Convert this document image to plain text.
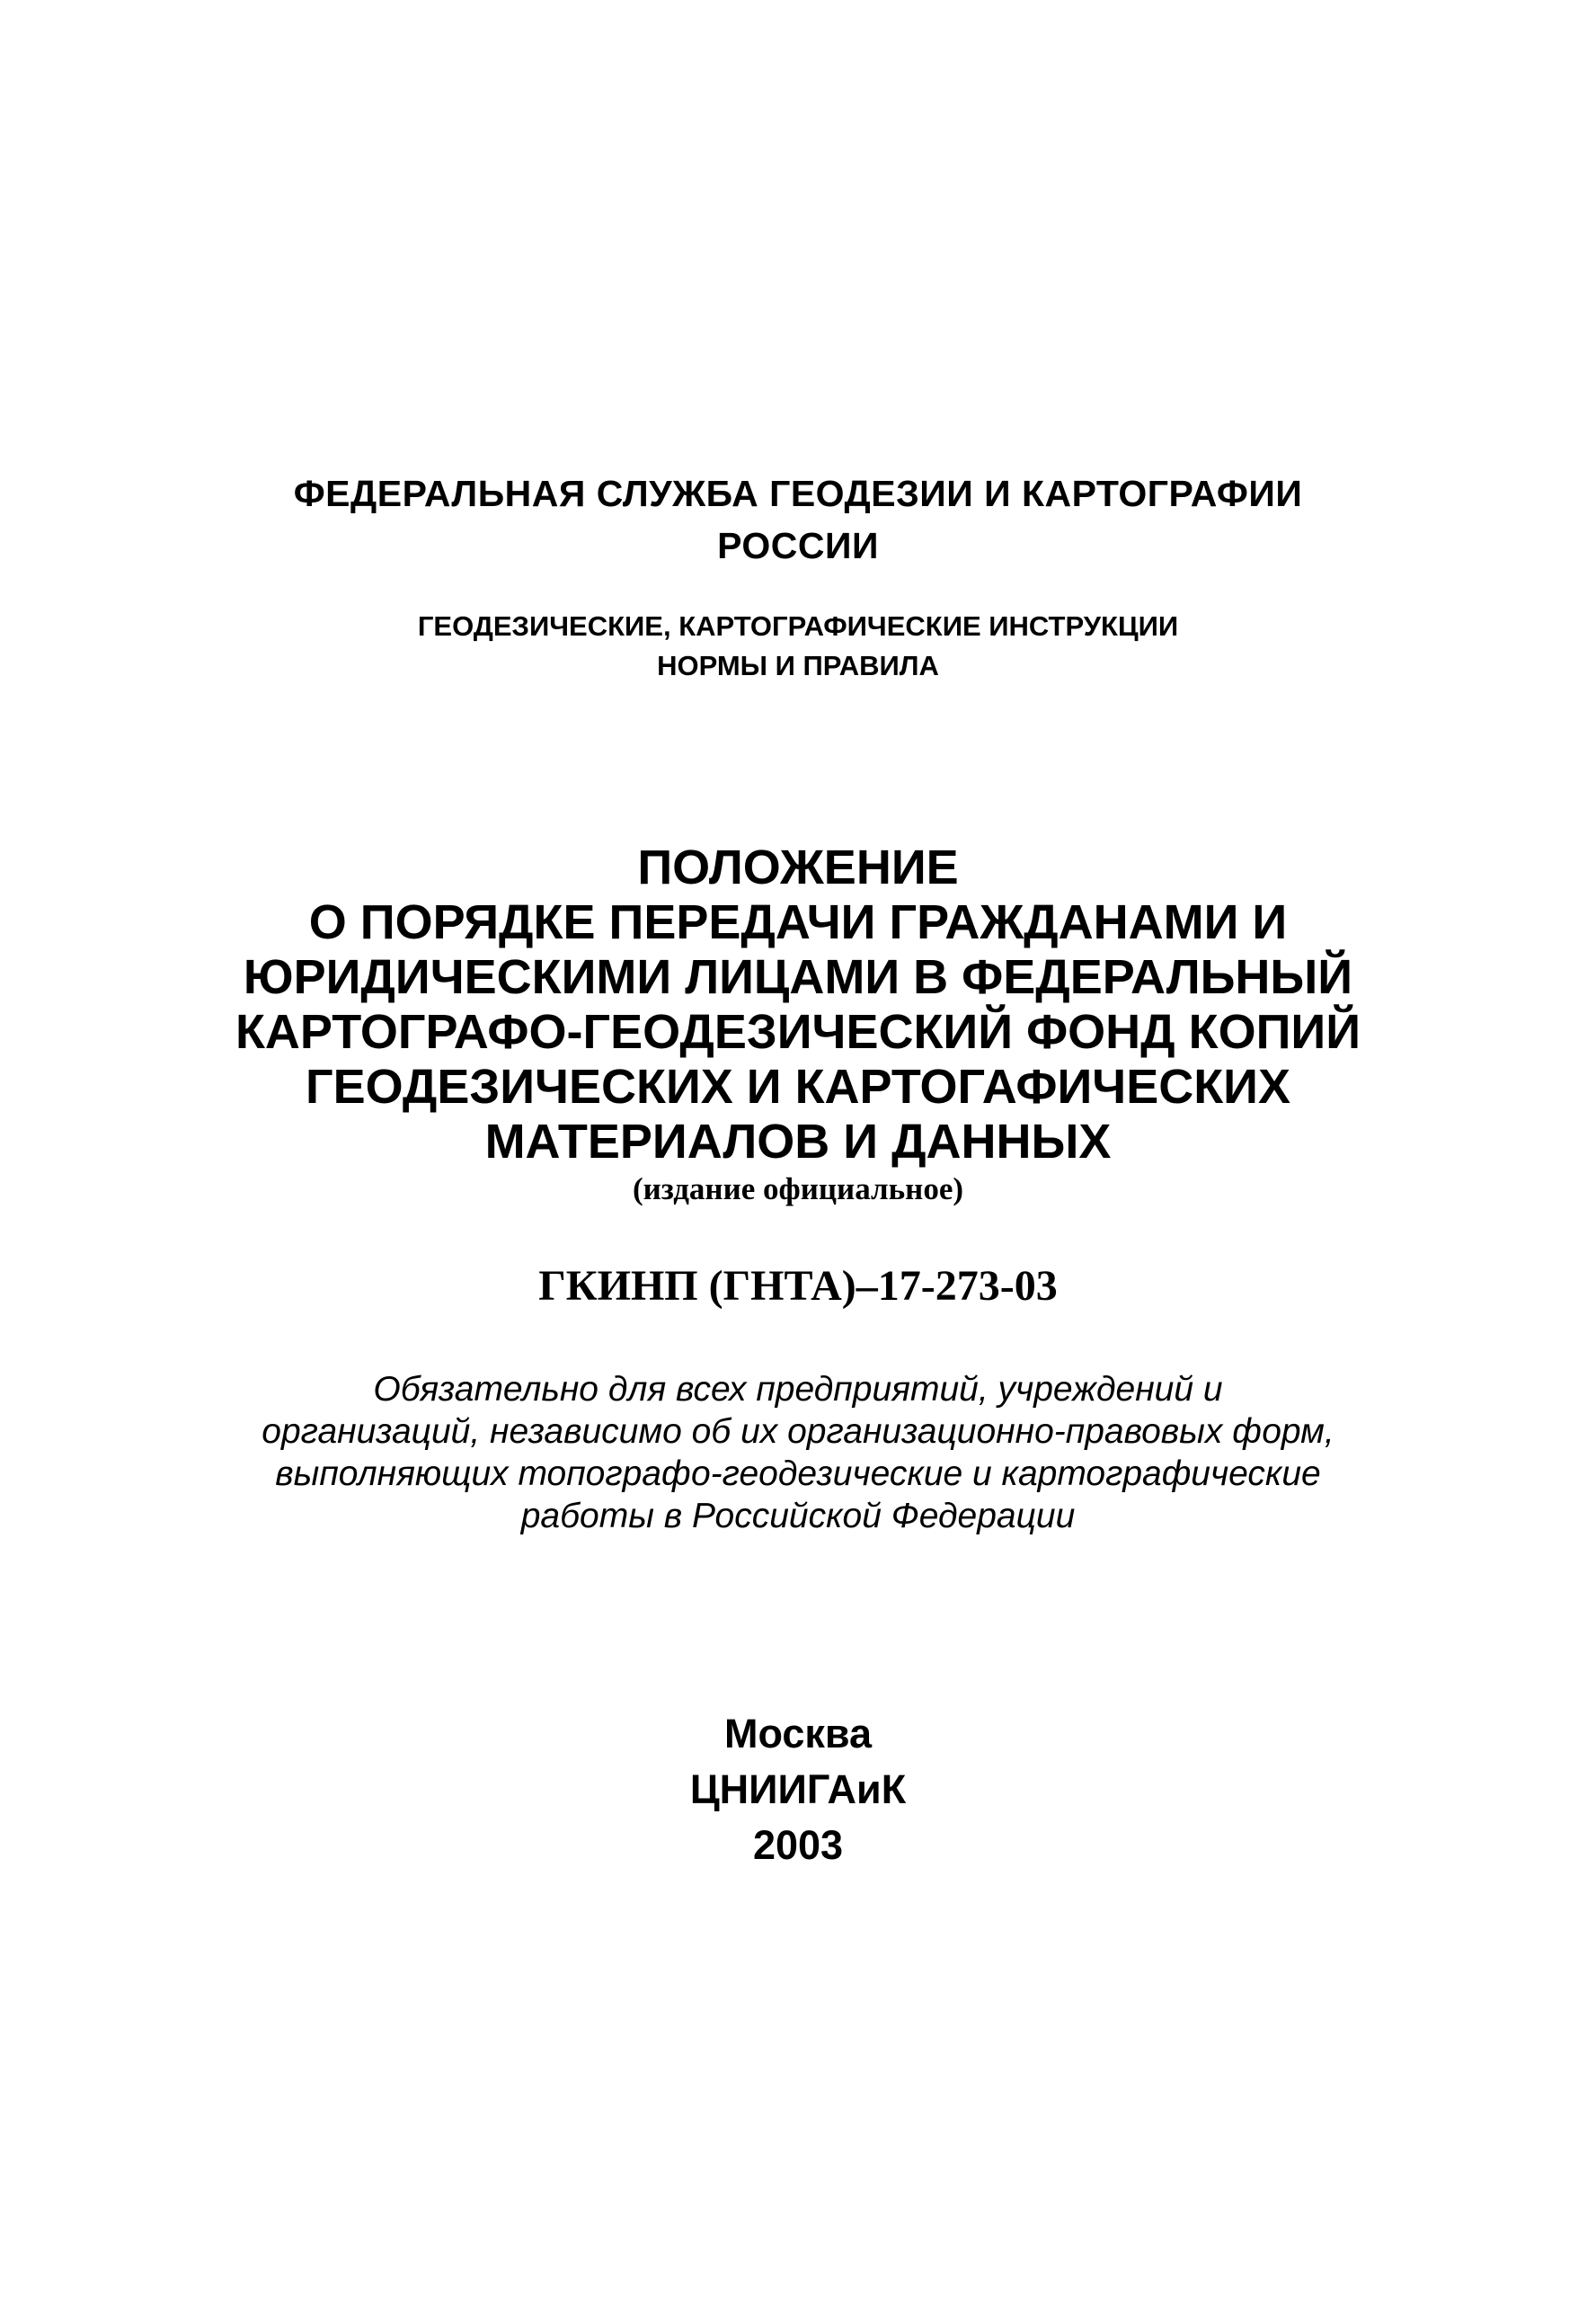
ФЕДЕРАЛЬНАЯ СЛУЖБА ГЕОДЕЗИИ И КАРТОГРАФИИ
РОССИИ
ГЕОДЕЗИЧЕСКИЕ, КАРТОГРАФИЧЕСКИЕ ИНСТРУКЦИИ
НОРМЫ И ПРАВИЛА
ПОЛОЖЕНИЕ
О ПОРЯДКЕ ПЕРЕДАЧИ ГРАЖДАНАМИ И
ЮРИДИЧЕСКИМИ ЛИЦАМИ В ФЕДЕРАЛЬНЫЙ
КАРТОГРАФО-ГЕОДЕЗИЧЕСКИЙ ФОНД КОПИЙ
ГЕОДЕЗИЧЕСКИХ И КАРТОГАФИЧЕСКИХ
МАТЕРИАЛОВ И ДАННЫХ
(издание официальное)
ГКИНП (ГНТА)–17-273-03
Обязательно для всех предприятий, учреждений и
организаций, независимо об их организационно-правовых форм,
выполняющих топографо-геодезические и картографические
работы в Российской Федерации
Москва
ЦНИИГАиК
2003
